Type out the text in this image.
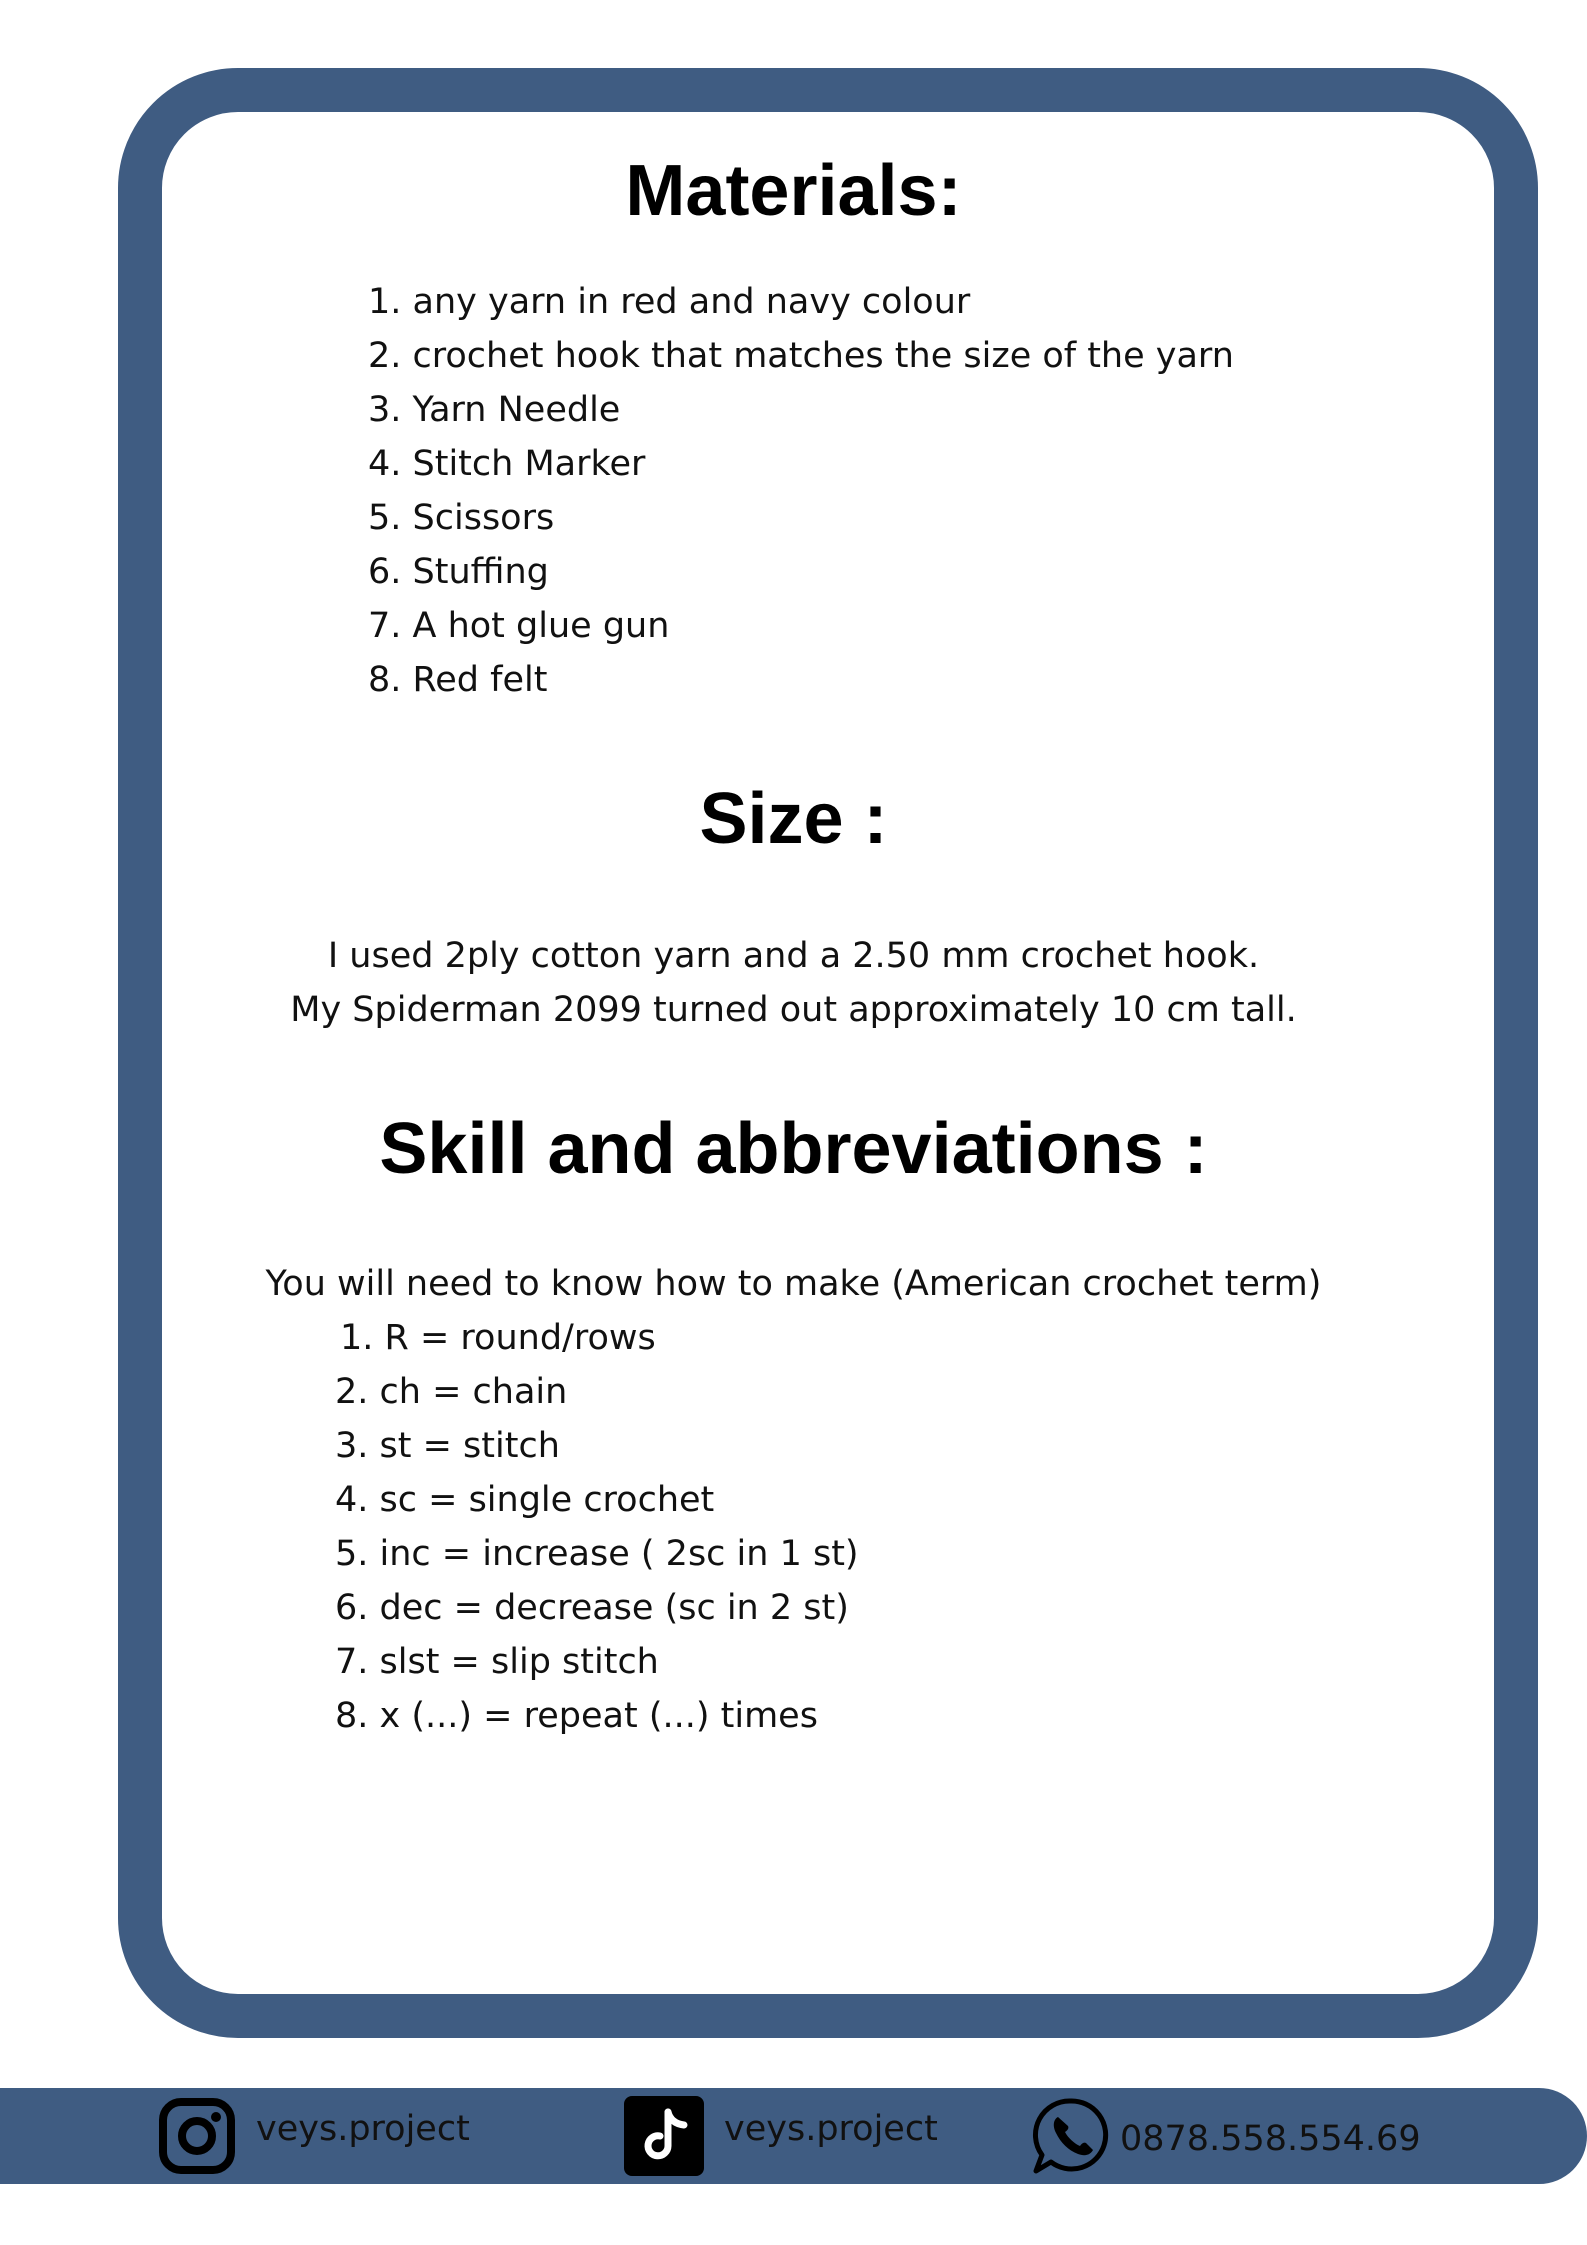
Materials:
1. any yarn in red and navy colour
2. crochet hook that matches the size of the yarn
3. Yarn Needle
4. Stitch Marker
5. Scissors
6. Stuffing
7. A hot glue gun
8. Red felt
Size :
I used 2ply cotton yarn and a 2.50 mm crochet hook.
My Spiderman 2099 turned out approximately 10 cm tall.
Skill and abbreviations :
You will need to know how to make (American crochet term)
1. R = round/rows
2. ch = chain
3. st = stitch
4. sc = single crochet
5. inc = increase ( 2sc in 1 st)
6. dec = decrease (sc in 2 st)
7. slst = slip stitch
8. x (...) = repeat (...) times
veys.project	veys.project	0878.558.554.69
